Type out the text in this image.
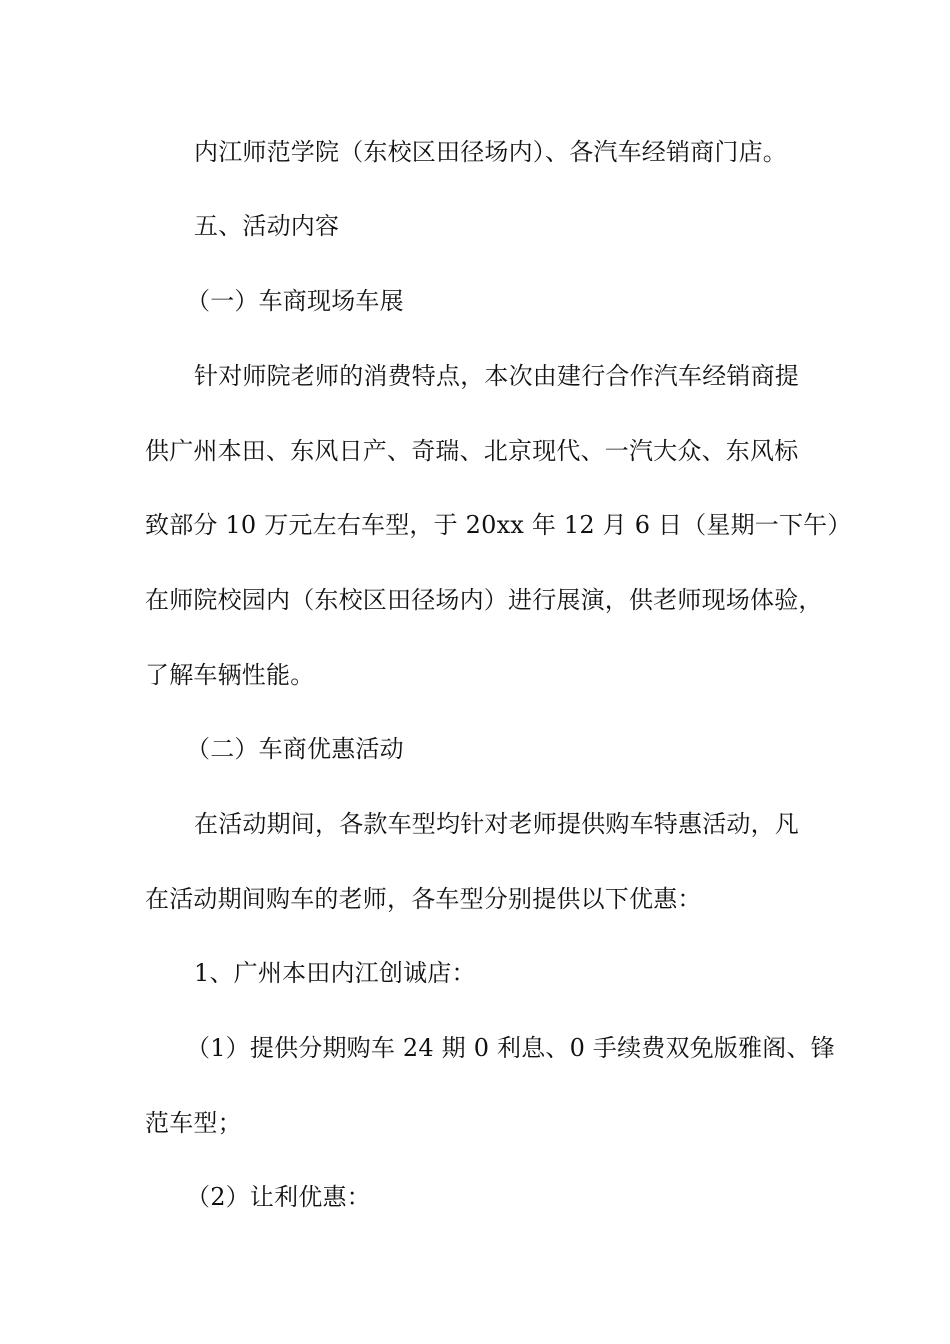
内江师范学院（东校区田径场内）、各汽车经销商门店。
五、活动内容
（一）车商现场车展
针对师院老师的消费特点，本次由建行合作汽车经销商提
供广州本田、东风日产、奇瑞、北京现代、一汽大众、东风标
致部分 10 万元左右车型，于 20xx 年 12 月 6 日（星期一下午）
在师院校园内（东校区田径场内）进行展演，供老师现场体验，
了解车辆性能。
（二）车商优惠活动
在活动期间，各款车型均针对老师提供购车特惠活动，凡
在活动期间购车的老师，各车型分别提供以下优惠：
1、广州本田内江创诚店：
（1）提供分期购车 24 期 0 利息、0 手续费双免版雅阁、锋
范车型；
（2）让利优惠：
